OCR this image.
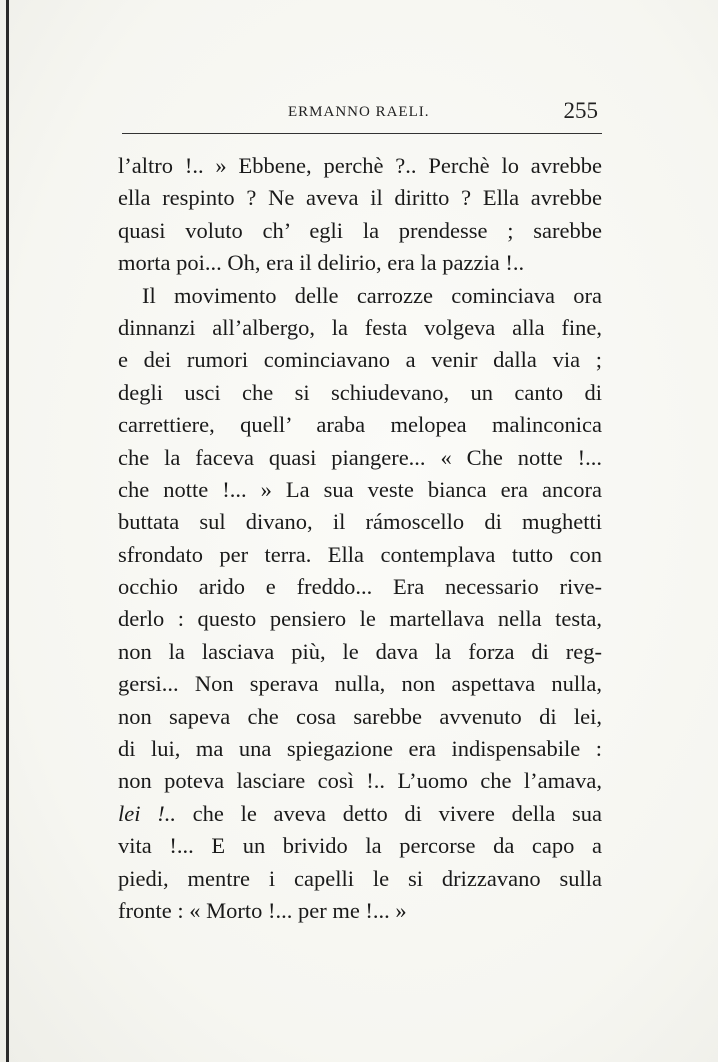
ERMANNO RAELI.	255
l’altro !.. » Ebbene, perchè ?.. Perchè lo avrebbe
ella respinto ? Ne aveva il diritto ? Ella avrebbe
quasi voluto ch’ egli la prendesse ; sarebbe
morta poi... Oh, era il delirio, era la pazzia !..
Il movimento delle carrozze cominciava ora
dinnanzi all’albergo, la festa volgeva alla fine,
e dei rumori cominciavano a venir dalla via ;
degli usci che si schiudevano, un canto di
carrettiere, quell’ araba melopea malinconica
che la faceva quasi piangere... « Che notte !...
che notte !... » La sua veste bianca era ancora
buttata sul divano, il rámoscello di mughetti
sfrondato per terra. Ella contemplava tutto con
occhio arido e freddo... Era necessario rive-
derlo : questo pensiero le martellava nella testa,
non la lasciava più, le dava la forza di reg-
gersi... Non sperava nulla, non aspettava nulla,
non sapeva che cosa sarebbe avvenuto di lei,
di lui, ma una spiegazione era indispensabile :
non poteva lasciare così !.. L’uomo che l’amava,
lei !.. che le aveva detto di vivere della sua
vita !... E un brivido la percorse da capo a
piedi, mentre i capelli le si drizzavano sulla
fronte : « Morto !... per me !... »
